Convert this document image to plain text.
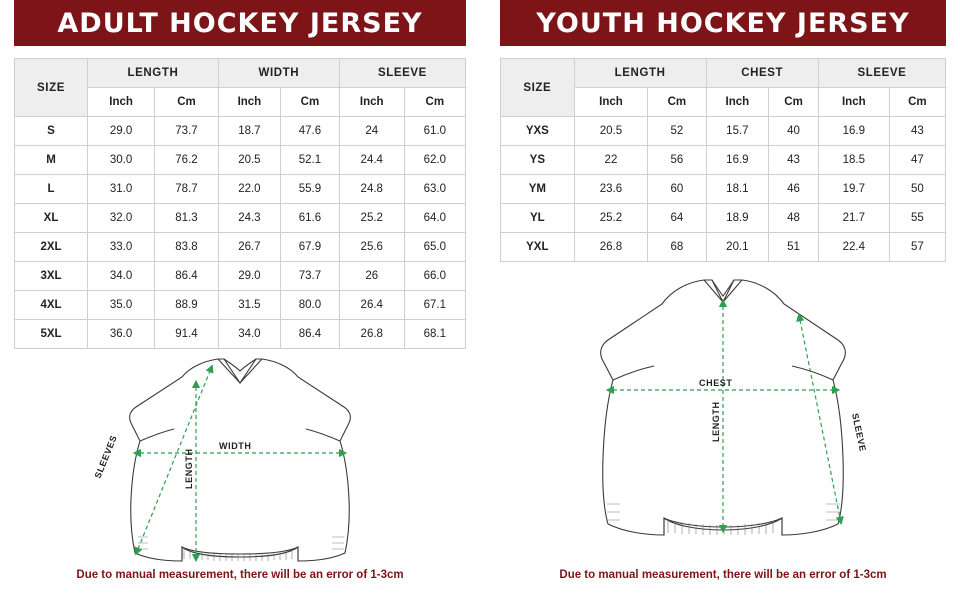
ADULT HOCKEY JERSEY
SIZE	LENGTH		WIDTH		SLEEVE	
	Inch	Cm	Inch	Cm	Inch	Cm
S	29.0	73.7	18.7	47.6	24	61.0
M	30.0	76.2	20.5	52.1	24.4	62.0
L	31.0	78.7	22.0	55.9	24.8	63.0
XL	32.0	81.3	24.3	61.6	25.2	64.0
2XL	33.0	83.8	26.7	67.9	25.6	65.0
3XL	34.0	86.4	29.0	73.7	26	66.0
4XL	35.0	88.9	31.5	80.0	26.4	67.1
5XL	36.0	91.4	34.0	86.4	26.8	68.1
SLEEVES	WIDTH
LENGTH
Due to manual measurement, there will be an error of 1-3cm
YOUTH HOCKEY JERSEY
SIZE	LENGTH		CHEST		SLEEVE	
	Inch	Cm	Inch	Cm	Inch	Cm
YXS	20.5	52	15.7	40	16.9	43
YS	22	56	16.9	43	18.5	47
YM	23.6	60	18.1	46	19.7	50
YL	25.2	64	18.9	48	21.7	55
YXL	26.8	68	20.1	51	22.4	57
CHEST
SLEEVE
LENGTH
Due to manual measurement, there will be an error of 1-3cm
